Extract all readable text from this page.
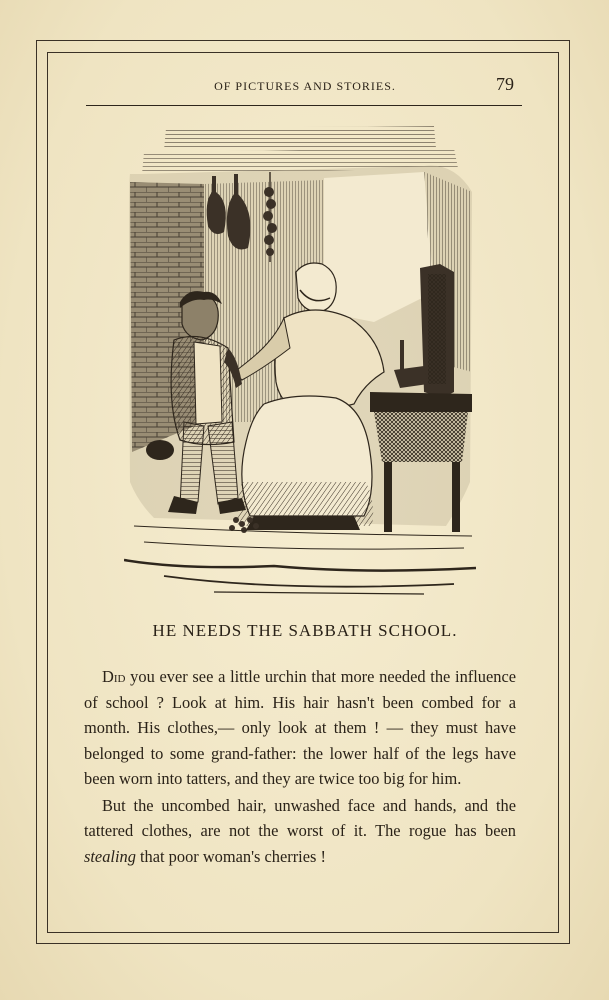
OF PICTURES AND STORIES.	79
HE NEEDS THE SABBATH SCHOOL.

Did you ever see a little urchin that more needed the influence of school ? Look at him. His hair hasn't been combed for a month. His clothes,— only look at them ! — they must have belonged to some grand-father: the lower half of the legs have been worn into tatters, and they are twice too big for him.

But the uncombed hair, unwashed face and hands, and the tattered clothes, are not the worst of it. The rogue has been stealing that poor woman's cherries !
